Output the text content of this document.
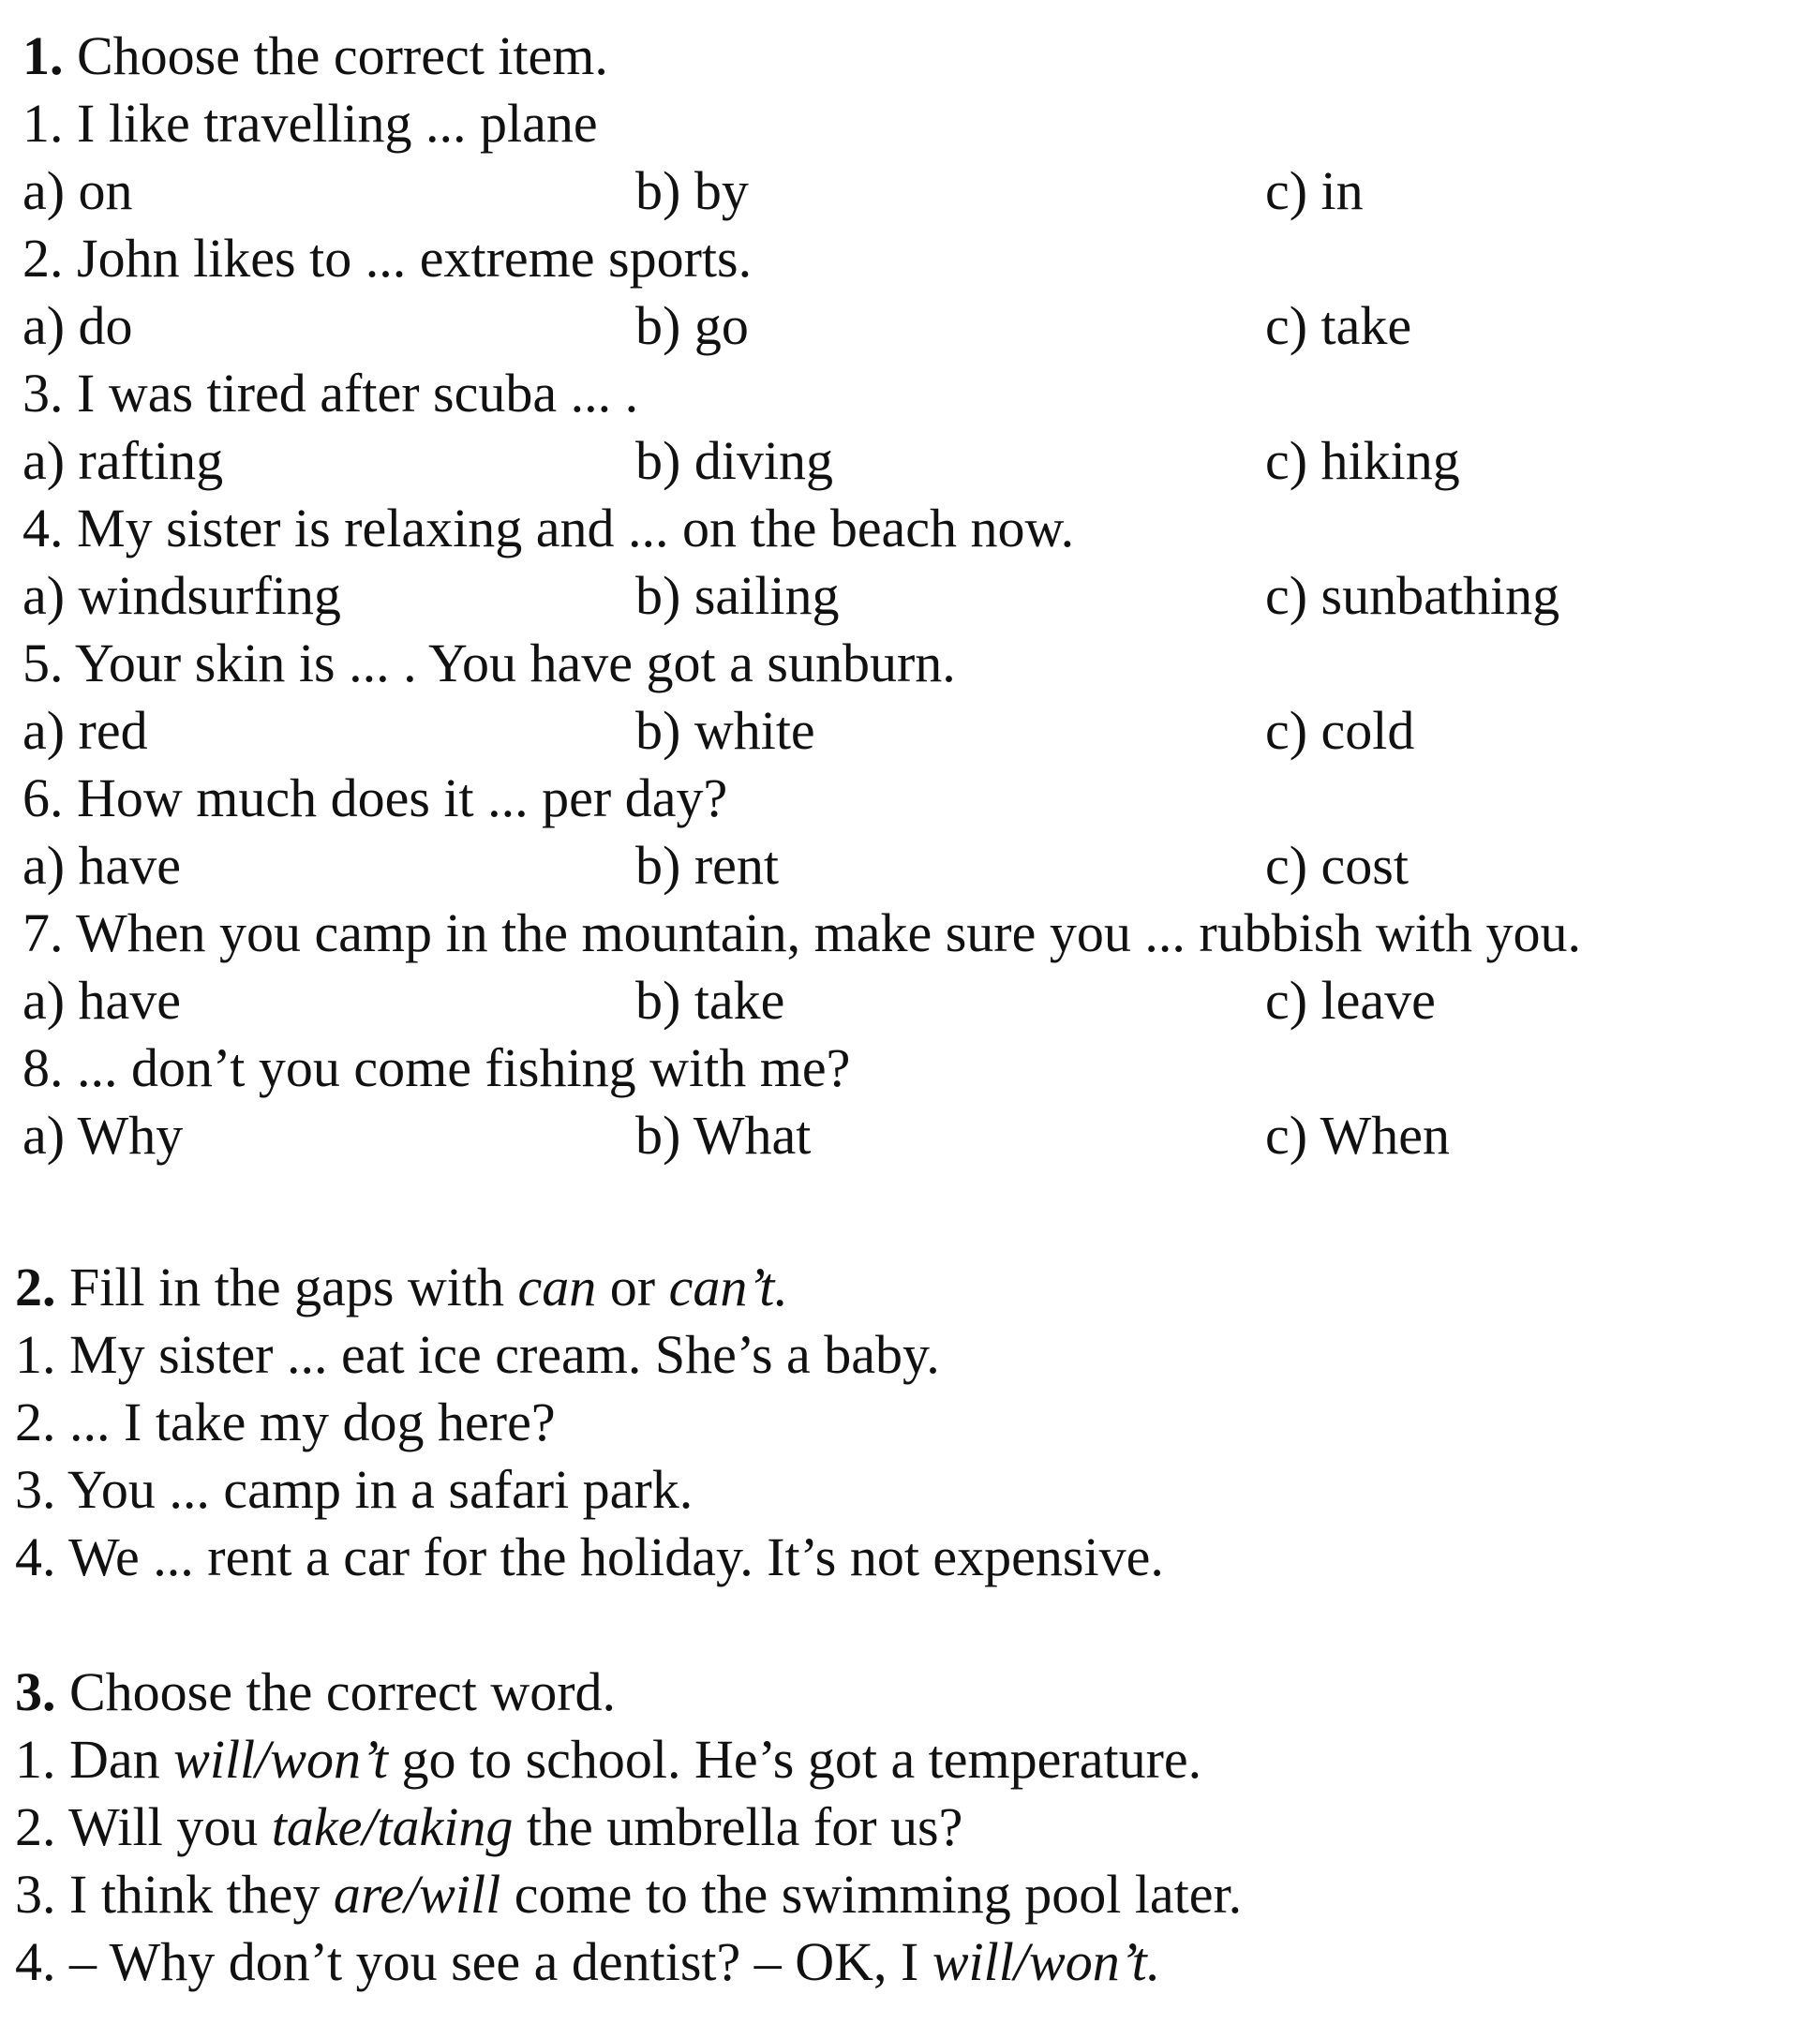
1. Choose the correct item.
1. I like travelling ... plane
a) on	b) by	c) in
2. John likes to ... extreme sports.
a) do	b) go	c) take
3. I was tired after scuba ... .
a) rafting	b) diving	c) hiking
4. My sister is relaxing and ... on the beach now.
a) windsurfing	b) sailing	c) sunbathing
5. Your skin is ... . You have got a sunburn.
a) red	b) white	c) cold
6. How much does it ... per day?
a) have	b) rent	c) cost
7. When you camp in the mountain, make sure you ... rubbish with you.
a) have	b) take	c) leave
8. ... don’t you come fishing with me?
a) Why	b) What	c) When
2. Fill in the gaps with can or can’t.
1. My sister ... eat ice cream. She’s a baby.
2. ... I take my dog here?
3. You ... camp in a safari park.
4. We ... rent a car for the holiday. It’s not expensive.
3. Choose the correct word.
1. Dan will/won’t go to school. He’s got a temperature.
2. Will you take/taking the umbrella for us?
3. I think they are/will come to the swimming pool later.
4. – Why don’t you see a dentist? – OK, I will/won’t.
